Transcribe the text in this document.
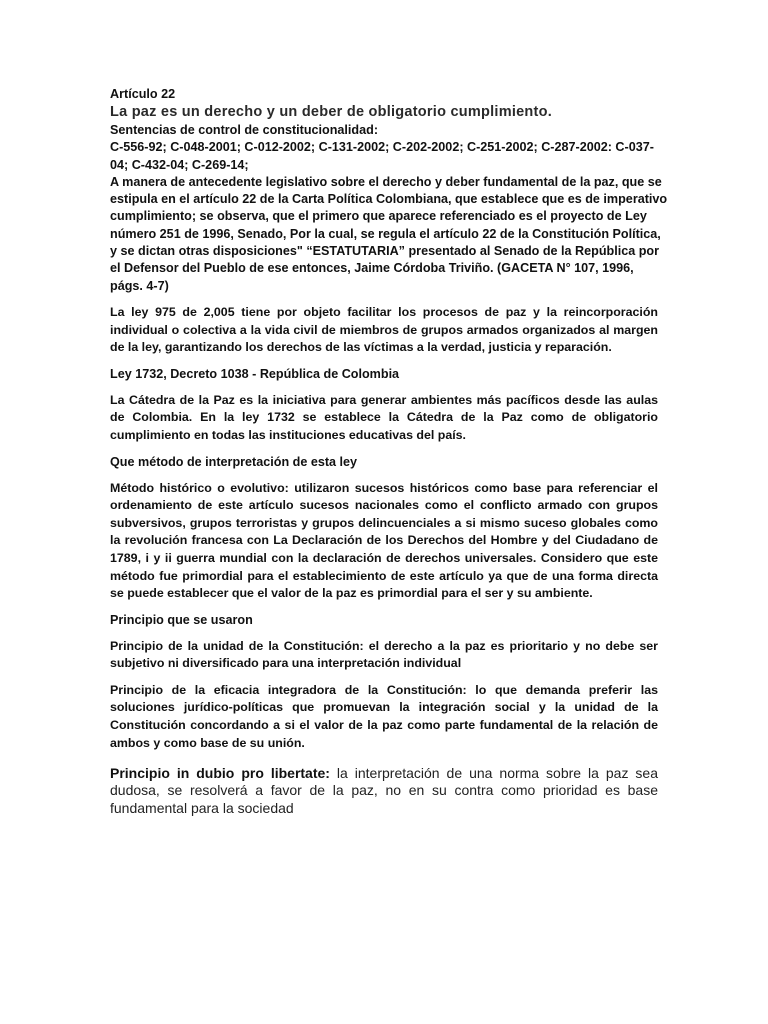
Artículo 22
La paz es un derecho y un deber de obligatorio cumplimiento.
Sentencias de control de constitucionalidad:
C-556-92; C-048-2001; C-012-2002; C-131-2002; C-202-2002; C-251-2002; C-287-2002: C-037-
04; C-432-04; C-269-14;
A manera de antecedente legislativo sobre el derecho y deber fundamental de la paz, que se
estipula en el artículo 22 de la Carta Política Colombiana, que establece que es de imperativo
cumplimiento; se observa, que el primero que aparece referenciado es el proyecto de Ley
número 251 de 1996, Senado, Por la cual, se regula el artículo 22 de la Constitución Política,
y se dictan otras disposiciones" “ESTATUTARIA” presentado al Senado de la República por
el Defensor del Pueblo de ese entonces, Jaime Córdoba Triviño. (GACETA N° 107, 1996,
págs. 4-7)

La ley 975 de 2,005 tiene por objeto facilitar los procesos de paz y la reincorporación individual o colectiva a la vida civil de miembros de grupos armados organizados al margen de la ley, garantizando los derechos de las víctimas a la verdad, justicia y reparación.

Ley 1732, Decreto 1038 - República de Colombia

La Cátedra de la Paz es la iniciativa para generar ambientes más pacíficos desde las aulas de Colombia. En la ley 1732 se establece la Cátedra de la Paz como de obligatorio cumplimiento en todas las instituciones educativas del país.

Que método de interpretación de esta ley

Método histórico o evolutivo: utilizaron sucesos históricos como base para referenciar el ordenamiento de este artículo sucesos nacionales como el conflicto armado con grupos subversivos, grupos terroristas y grupos delincuenciales a si mismo suceso globales como la revolución francesa con La Declaración de los Derechos del Hombre y del Ciudadano de 1789, i y ii guerra mundial con la declaración de derechos universales. Considero que este método fue primordial para el establecimiento de este artículo ya que de una forma directa se puede establecer que el valor de la paz es primordial para el ser y su ambiente.

Principio que se usaron

Principio de la unidad de la Constitución: el derecho a la paz es prioritario y no debe ser subjetivo ni diversificado para una interpretación individual

Principio de la eficacia integradora de la Constitución: lo que demanda preferir las soluciones jurídico-políticas que promuevan la integración social y la unidad de la Constitución concordando a si el valor de la paz como parte fundamental de la relación de ambos y como base de su unión.

Principio in dubio pro libertate: la interpretación de una norma sobre la paz sea dudosa, se resolverá a favor de la paz, no en su contra como prioridad es base fundamental para la sociedad
